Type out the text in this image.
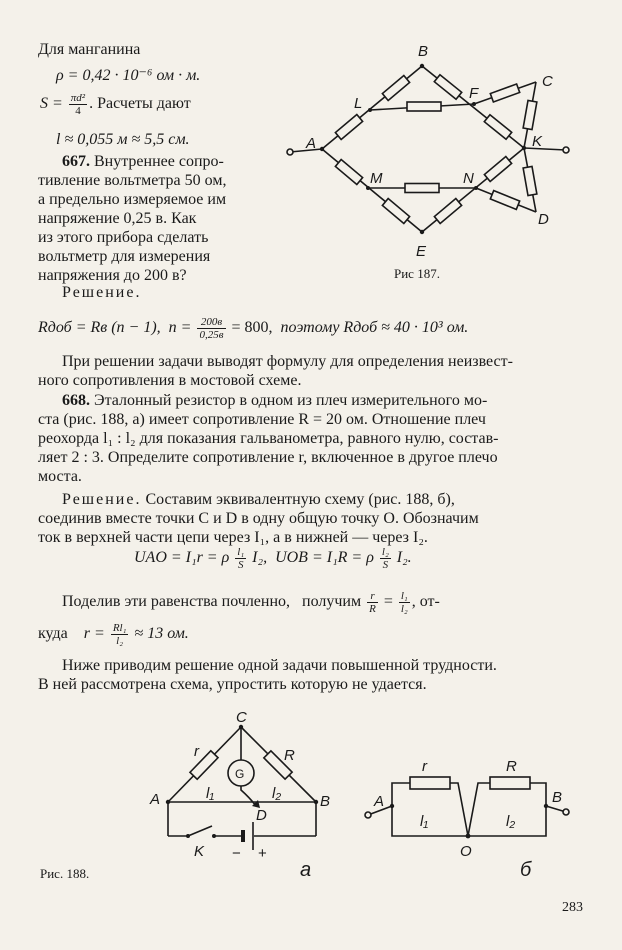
Для манганина
ρ = 0,42 · 10⁻⁶ ом · м.
$S = \frac{\text{πd²}}{4}$ . Расчеты дают
l ≈ 0,055 м ≈ 5,5 см.
667. Внутреннее сопро-
тивление вольтметра 50 ом,
а предельно измеряемое им
напряжение 0,25 в. Как
из этого прибора сделать
вольтметр для измерения
напряжения до 200 в?
Решение.
B
C
L
F
A	K
M	N
D
E
Рис 187.
Rдоб = Rв (n − 1), $n = \frac{200в}{0,25в} = 800$, поэтому Rдоб ≈ 40 · 10³ ом.
При решении задачи выводят формулу для определения неизвест-
ного сопротивления в мостовой схеме.
668. Эталонный резистор в одном из плеч измерительного мо-
ста (рис. 188, а) имеет сопротивление R = 20 ом. Отношение плеч
реохорда l₁ : l₂ для показания гальванометра, равного нулю, состав-
ляет 2 : 3. Определите сопротивление r, включенное в другое плечо
моста.
Решение. Составим эквивалентную схему (рис. 188, б),
соединив вместе точки C и D в одну общую точку O. Обозначим
ток в верхней части цепи через I₁, а в нижней — через I₂.
UAO = I₁r = ρ $\frac{\text{l₁}}{S} I_2$, UOB = I₁R = ρ $\frac{\text{l₂}}{S} I_2$.
Поделив эти равенства почленно, получим $\frac{r}{R} = \frac{\text{l₁}}{\text{l₂}}$ , от-
куда $r = \frac{\text{Rl₁}}{\text{l₂}} \approx 13$ ом.
Ниже приводим решение одной задачи повышенной трудности.
В ней рассмотрена схема, упростить которую не удается.
C
r	R
G
A	B
l₁	l₂
D
K − +
а
r	R
A	B
l₁	l₂
O
б
Рис. 188.
283
